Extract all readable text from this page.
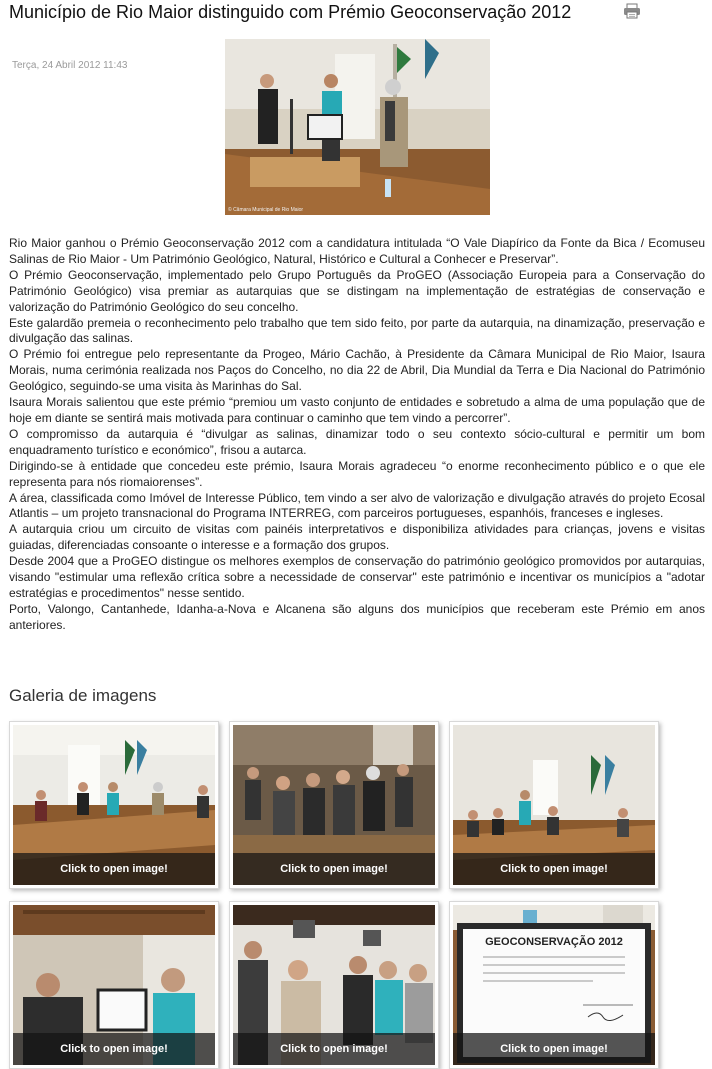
Município de Rio Maior distinguido com Prémio Geoconservação 2012
Terça, 24 Abril 2012 11:43
© Câmara Municipal de Rio Maior

Rio Maior ganhou o Prémio Geoconservação 2012 com a candidatura intitulada “O Vale Diapírico da Fonte da Bica / Ecomuseu Salinas de Rio Maior - Um Património Geológico, Natural, Histórico e Cultural a Conhecer e Preservar”.

O Prémio Geoconservação, implementado pelo Grupo Português da ProGEO (Associação Europeia para a Conservação do Património Geológico) visa premiar as autarquias que se distingam na implementação de estratégias de conservação e valorização do Património Geológico do seu concelho.

Este galardão premeia o reconhecimento pelo trabalho que tem sido feito, por parte da autarquia, na dinamização, preservação e divulgação das salinas.

O Prémio foi entregue pelo representante da Progeo, Mário Cachão, à Presidente da Câmara Municipal de Rio Maior, Isaura Morais, numa cerimónia realizada nos Paços do Concelho, no dia 22 de Abril, Dia Mundial da Terra e Dia Nacional do Património Geológico, seguindo-se uma visita às Marinhas do Sal.

Isaura Morais salientou que este prémio “premiou um vasto conjunto de entidades e sobretudo a alma de uma população que de hoje em diante se sentirá mais motivada para continuar o caminho que tem vindo a percorrer”.

O compromisso da autarquia é “divulgar as salinas, dinamizar todo o seu contexto sócio-cultural e permitir um bom enquadramento turístico e económico”, frisou a autarca.

Dirigindo-se à entidade que concedeu este prémio, Isaura Morais agradeceu “o enorme reconhecimento público e o que ele representa para nós riomaiorenses”.

A área, classificada como Imóvel de Interesse Público, tem vindo a ser alvo de valorização e divulgação através do projeto Ecosal Atlantis – um projeto transnacional do Programa INTERREG, com parceiros portugueses, espanhóis, franceses e ingleses.

A autarquia criou um circuito de visitas com painéis interpretativos e disponibiliza atividades para crianças, jovens e visitas guiadas, diferenciadas consoante o interesse e a formação dos grupos.

Desde 2004 que a ProGEO distingue os melhores exemplos de conservação do património geológico promovidos por autarquias, visando "estimular uma reflexão crítica sobre a necessidade de conservar" este património e incentivar os municípios a "adotar estratégias e procedimentos" nesse sentido.

Porto, Valongo, Cantanhede, Idanha-a-Nova e Alcanena são alguns dos municípios que receberam este Prémio em anos anteriores.

Galeria de imagens
Click to open image!	Click to open image!	Click to open image!
Click to open image!	Click to open image!
GEOCONSERVAÇÃO 2012
Click to open image!
